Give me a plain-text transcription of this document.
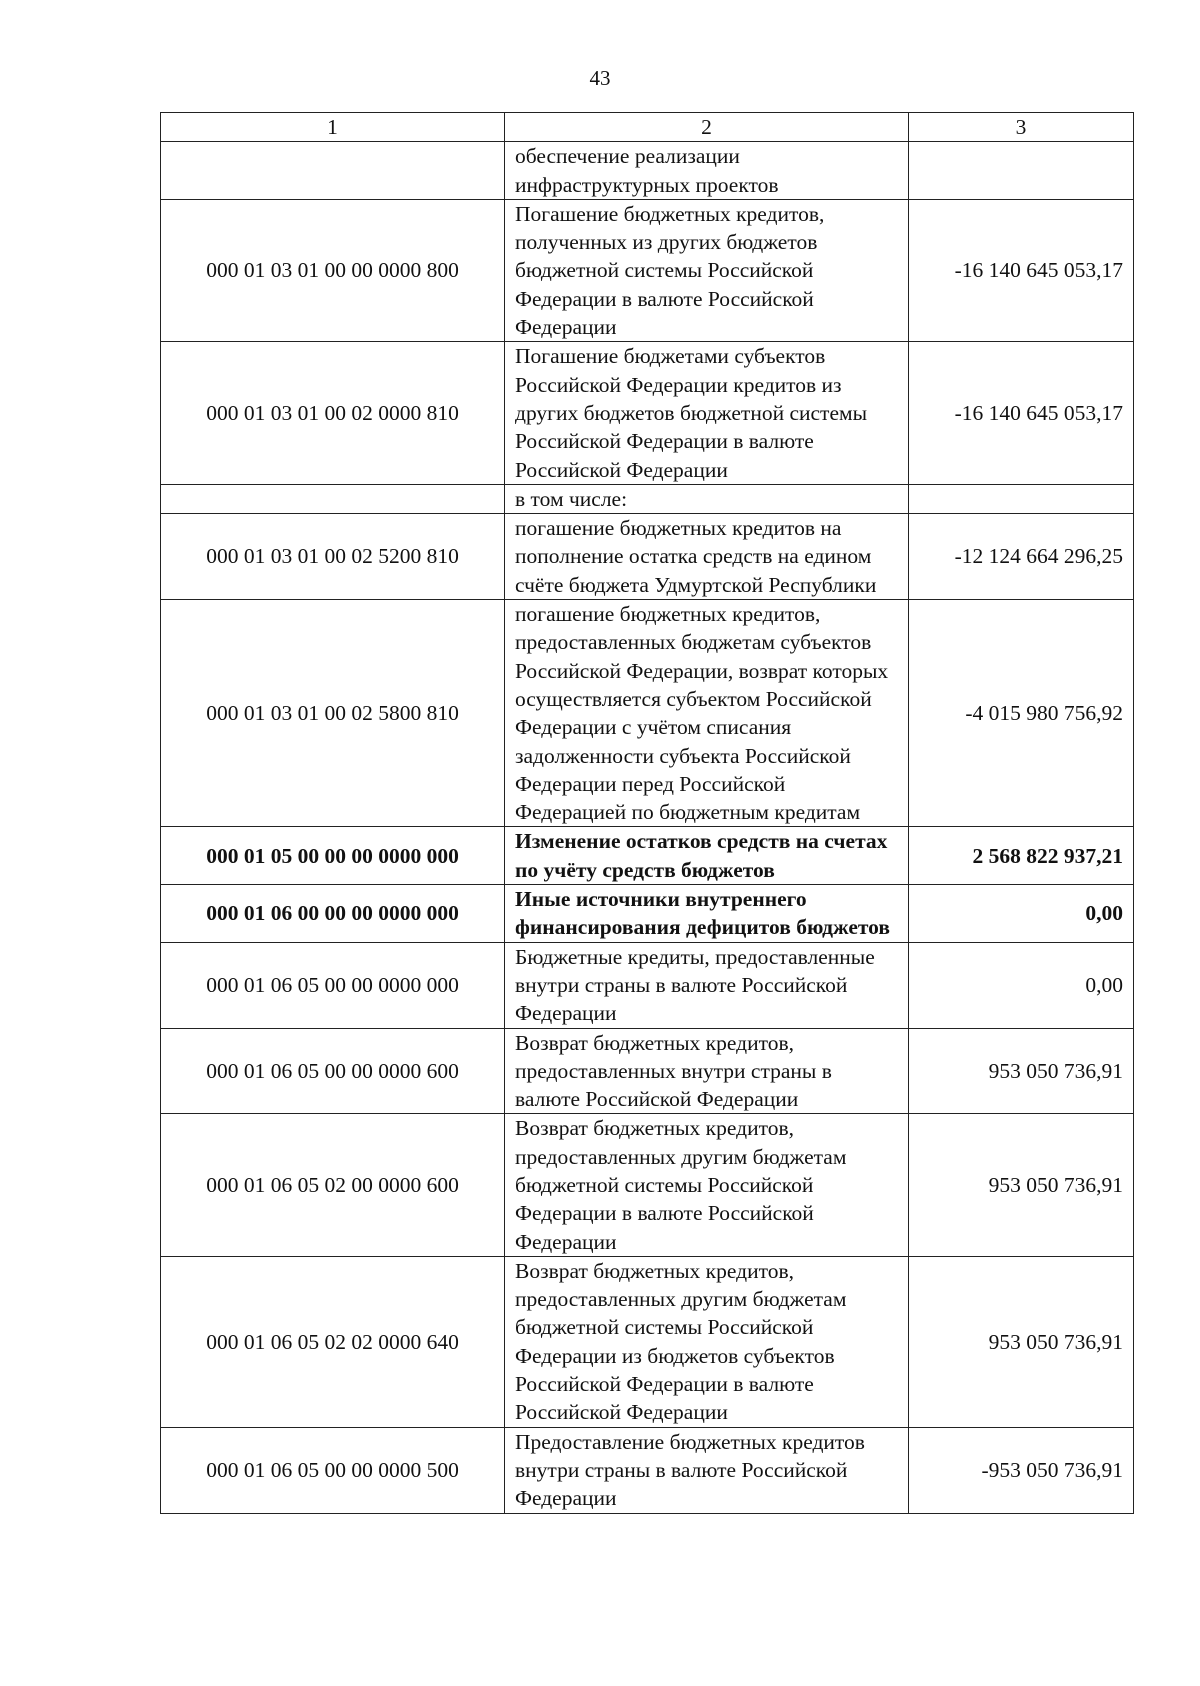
43
1	2	3
	обеспечение реализации инфраструктурных проектов	
000 01 03 01 00 00 0000 800	Погашение бюджетных кредитов, полученных из других бюджетов бюджетной системы Российской Федерации в валюте Российской Федерации	-16 140 645 053,17
000 01 03 01 00 02 0000 810	Погашение бюджетами субъектов Российской Федерации кредитов из других бюджетов бюджетной системы Российской Федерации в валюте Российской Федерации	-16 140 645 053,17
	в том числе:	
000 01 03 01 00 02 5200 810	погашение бюджетных кредитов на пополнение остатка средств на едином счёте бюджета Удмуртской Республики	-12 124 664 296,25
000 01 03 01 00 02 5800 810	погашение бюджетных кредитов, предоставленных бюджетам субъектов Российской Федерации, возврат которых осуществляется субъектом Российской Федерации с учётом списания задолженности субъекта Российской Федерации перед Российской Федерацией по бюджетным кредитам	-4 015 980 756,92
000 01 05 00 00 00 0000 000	Изменение остатков средств на счетах по учёту средств бюджетов	2 568 822 937,21
000 01 06 00 00 00 0000 000	Иные источники внутреннего финансирования дефицитов бюджетов	0,00
000 01 06 05 00 00 0000 000	Бюджетные кредиты, предоставленные внутри страны в валюте Российской Федерации	0,00
000 01 06 05 00 00 0000 600	Возврат бюджетных кредитов, предоставленных внутри страны в валюте Российской Федерации	953 050 736,91
000 01 06 05 02 00 0000 600	Возврат бюджетных кредитов, предоставленных другим бюджетам бюджетной системы Российской Федерации в валюте Российской Федерации	953 050 736,91
000 01 06 05 02 02 0000 640	Возврат бюджетных кредитов, предоставленных другим бюджетам бюджетной системы Российской Федерации из бюджетов субъектов Российской Федерации в валюте Российской Федерации	953 050 736,91
000 01 06 05 00 00 0000 500	Предоставление бюджетных кредитов внутри страны в валюте Российской Федерации	-953 050 736,91
